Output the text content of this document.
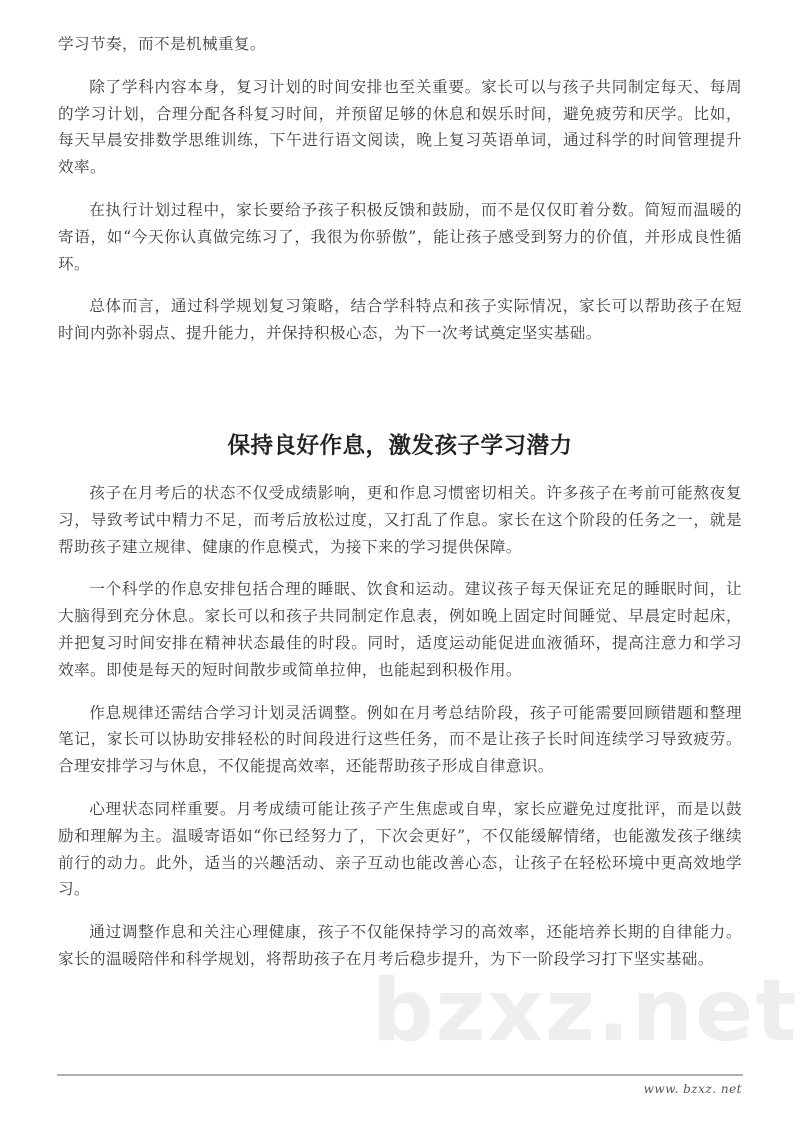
bzxz.net

学习节奏，而不是机械重复。

除了学科内容本身，复习计划的时间安排也至关重要。家长可以与孩子共同制定每天、每周的学习计划，合理分配各科复习时间，并预留足够的休息和娱乐时间，避免疲劳和厌学。比如，每天早晨安排数学思维训练，下午进行语文阅读，晚上复习英语单词，通过科学的时间管理提升效率。

在执行计划过程中，家长要给予孩子积极反馈和鼓励，而不是仅仅盯着分数。简短而温暖的寄语，如“今天你认真做完练习了，我很为你骄傲”，能让孩子感受到努力的价值，并形成良性循环。

总体而言，通过科学规划复习策略，结合学科特点和孩子实际情况，家长可以帮助孩子在短时间内弥补弱点、提升能力，并保持积极心态，为下一次考试奠定坚实基础。

保持良好作息，激发孩子学习潜力

孩子在月考后的状态不仅受成绩影响，更和作息习惯密切相关。许多孩子在考前可能熬夜复习，导致考试中精力不足，而考后放松过度，又打乱了作息。家长在这个阶段的任务之一，就是帮助孩子建立规律、健康的作息模式，为接下来的学习提供保障。

一个科学的作息安排包括合理的睡眠、饮食和运动。建议孩子每天保证充足的睡眠时间，让大脑得到充分休息。家长可以和孩子共同制定作息表，例如晚上固定时间睡觉、早晨定时起床，并把复习时间安排在精神状态最佳的时段。同时，适度运动能促进血液循环，提高注意力和学习效率。即使是每天的短时间散步或简单拉伸，也能起到积极作用。

作息规律还需结合学习计划灵活调整。例如在月考总结阶段，孩子可能需要回顾错题和整理笔记，家长可以协助安排轻松的时间段进行这些任务，而不是让孩子长时间连续学习导致疲劳。合理安排学习与休息，不仅能提高效率，还能帮助孩子形成自律意识。

心理状态同样重要。月考成绩可能让孩子产生焦虑或自卑，家长应避免过度批评，而是以鼓励和理解为主。温暖寄语如“你已经努力了，下次会更好”，不仅能缓解情绪，也能激发孩子继续前行的动力。此外，适当的兴趣活动、亲子互动也能改善心态，让孩子在轻松环境中更高效地学习。

通过调整作息和关注心理健康，孩子不仅能保持学习的高效率，还能培养长期的自律能力。家长的温暖陪伴和科学规划，将帮助孩子在月考后稳步提升，为下一阶段学习打下坚实基础。

www. bzxz. net
